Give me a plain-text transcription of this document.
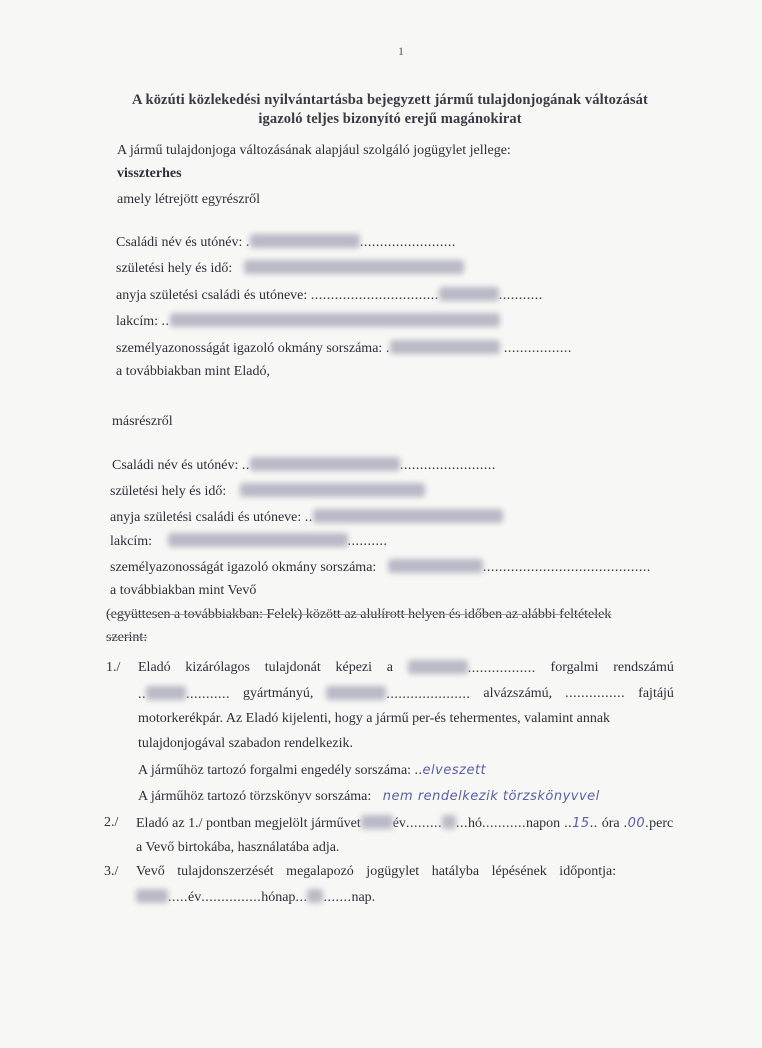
1
A közúti közlekedési nyilvántartásba bejegyzett jármű tulajdonjogának változását
igazoló teljes bizonyító erejű magánokirat
A jármű tulajdonjoga változásának alapjául szolgáló jogügylet jellege:
visszterhes
amely létrejött egyrészről
Családi név és utónév: .	........................
születési hely és idő:
anyja születési családi és utóneve: ................................	...........
lakcím: ..
személyazonosságát igazoló okmány sorszáma: .	.................
a továbbiakban mint Eladó,
másrészről
Családi név és utónév: ..	........................
születési hely és idő:
anyja születési családi és utóneve: ..
lakcím:	..........
személyazonosságát igazoló okmány sorszáma:	..........................................
a továbbiakban mint Vevő
(együttesen a továbbiakban: Felek) között az alulírott helyen és időben az alábbi feltételek
szerint:
1./ Eladó kizárólagos tulajdonát képezi a	................. forgalmi rendszámú
..	........... gyártmányú,	..................... alvázszámú, ............... fajtájú
motorkerékpár. Az Eladó kijelenti, hogy a jármű per-és tehermentes, valamint annak
tulajdonjogával szabadon rendelkezik.
A járműhöz tartozó forgalmi engedély sorszáma: ..elveszett
A járműhöz tartozó törzskönyv sorszáma: nem rendelkezik törzskönyvvel
2./ Eladó az 1./ pontban megjelölt járművet év......... ...hó...........napon ..15.. óra .00.perc
a Vevő birtokába, használatába adja.
3./ Vevő tulajdonszerzését megalapozó jogügylet hatályba lépésének időpontja:
.....év...............hónap... .......nap.
